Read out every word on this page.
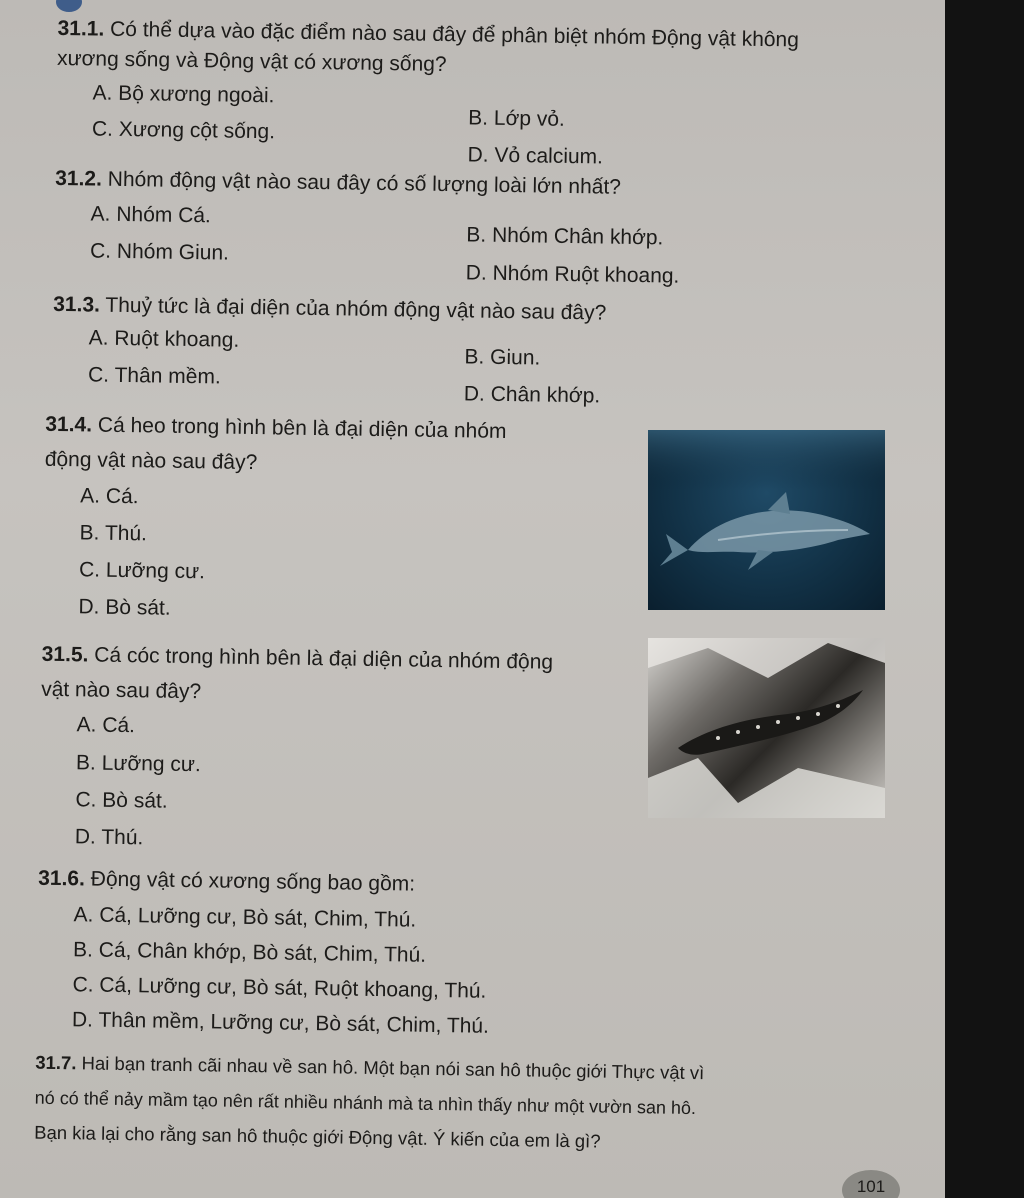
31.1. Có thể dựa vào đặc điểm nào sau đây để phân biệt nhóm Động vật không
xương sống và Động vật có xương sống?
A. Bộ xương ngoài.
B. Lớp vỏ.
C. Xương cột sống.
D. Vỏ calcium.
31.2. Nhóm động vật nào sau đây có số lượng loài lớn nhất?
A. Nhóm Cá.
B. Nhóm Chân khớp.
C. Nhóm Giun.
D. Nhóm Ruột khoang.
31.3. Thuỷ tức là đại diện của nhóm động vật nào sau đây?
A. Ruột khoang.
B. Giun.
C. Thân mềm.
D. Chân khớp.
31.4. Cá heo trong hình bên là đại diện của nhóm
động vật nào sau đây?
A. Cá.
B. Thú.
C. Lưỡng cư.
D. Bò sát.
31.5. Cá cóc trong hình bên là đại diện của nhóm động
vật nào sau đây?
A. Cá.
B. Lưỡng cư.
C. Bò sát.
D. Thú.
31.6. Động vật có xương sống bao gồm:
A. Cá, Lưỡng cư, Bò sát, Chim, Thú.
B. Cá, Chân khớp, Bò sát, Chim, Thú.
C. Cá, Lưỡng cư, Bò sát, Ruột khoang, Thú.
D. Thân mềm, Lưỡng cư, Bò sát, Chim, Thú.
31.7. Hai bạn tranh cãi nhau về san hô. Một bạn nói san hô thuộc giới Thực vật vì
nó có thể nảy mầm tạo nên rất nhiều nhánh mà ta nhìn thấy như một vườn san hô.
Bạn kia lại cho rằng san hô thuộc giới Động vật. Ý kiến của em là gì?
101
